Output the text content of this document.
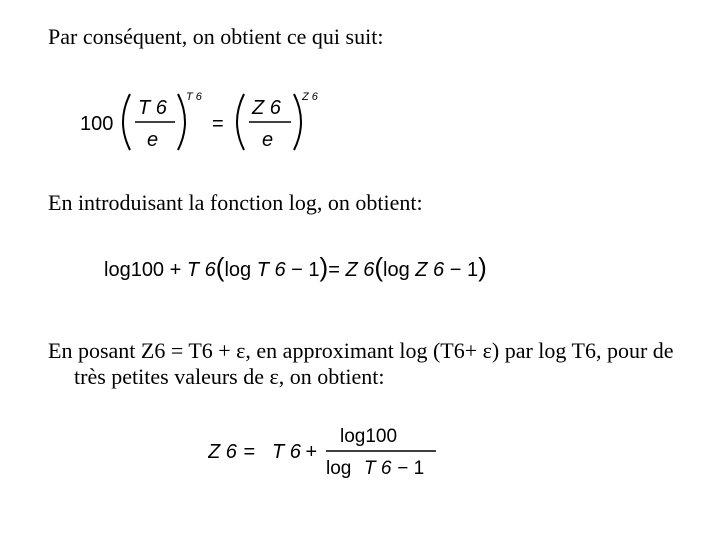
Par conséquent, on obtient ce qui suit:

100
T 6
e
T 6
=
Z 6
e
Z 6

En introduisant la fonction log, on obtient:

log100 + T 6(log T 6 − 1)= Z 6(log Z 6 − 1)

En posant Z6 = T6 + ε, en approximant log (T6+ ε) par log T6, pour de très petites valeurs de ε, on obtient:

Z 6 = T 6 +
log100
log T 6 − 1
